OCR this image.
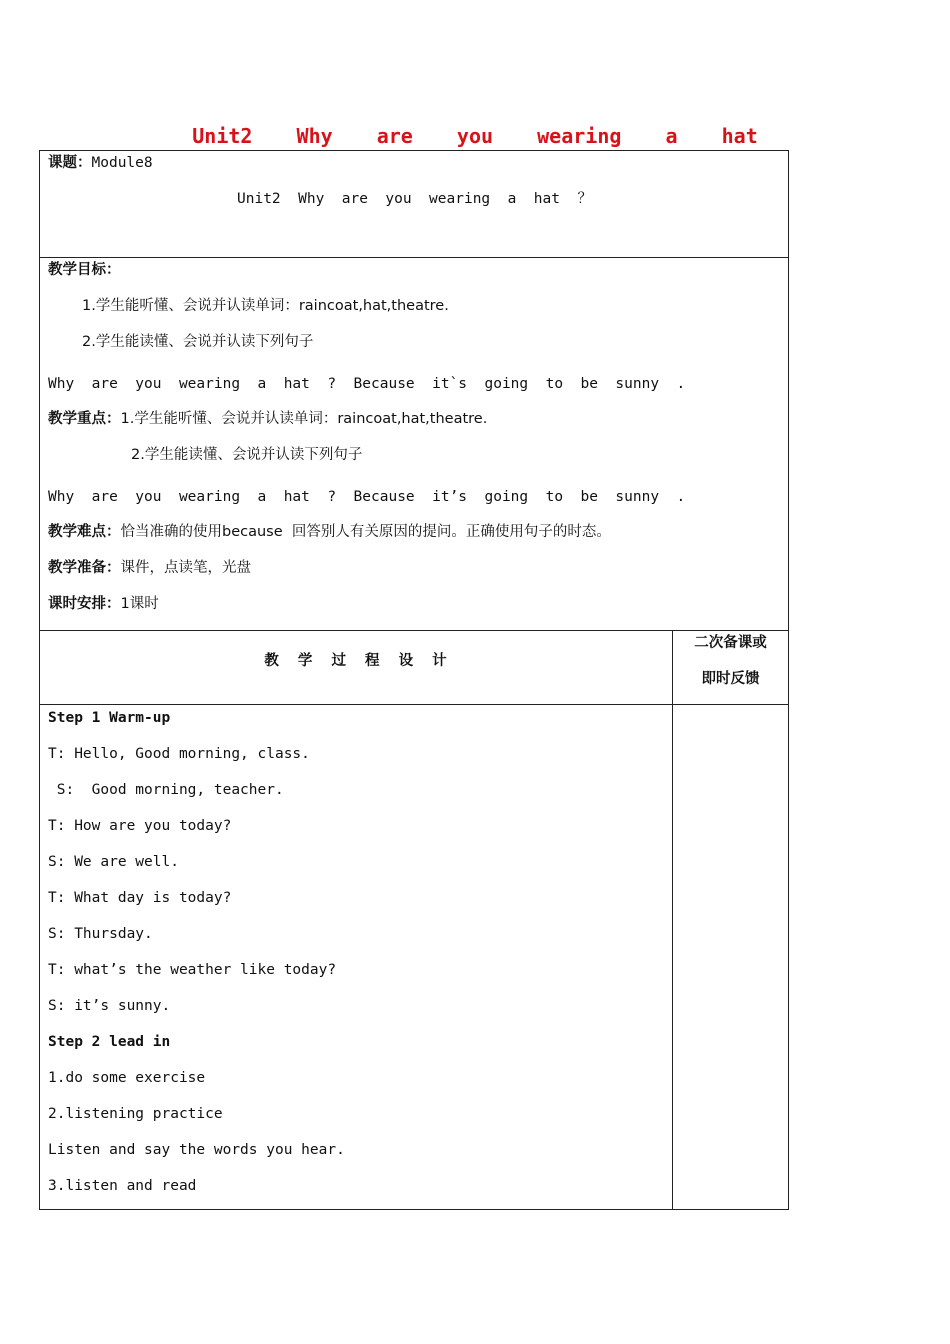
Unit2  Why  are  you  wearing  a  hat
课题：Module8
Unit2  Why  are  you  wearing  a  hat  ？
教学目标：
1.学生能听懂、会说并认读单词：raincoat,hat,theatre.
2.学生能读懂、会说并认读下列句子
Why  are  you  wearing  a  hat  ?  Because  it`s  going  to  be  sunny  .
教学重点：1.学生能听懂、会说并认读单词：raincoat,hat,theatre.
2.学生能读懂、会说并认读下列句子
Why  are  you  wearing  a  hat  ?  Because  it’s  going  to  be  sunny  .
教学难点：恰当准确的使用because  回答别人有关原因的提问。正确使用句子的时态。
教学准备：课件，点读笔，光盘
课时安排：1课时
教 学 过 程 设 计
二次备课或
即时反馈
Step 1 Warm-up
T: Hello, Good morning, class.
S:  Good morning, teacher.
T: How are you today?
S: We are well.
T: What day is today?
S: Thursday.
T: what’s the weather like today?
S: it’s sunny.
Step 2 lead in
1.do some exercise
2.listening practice
Listen and say the words you hear.
3.listen and read
